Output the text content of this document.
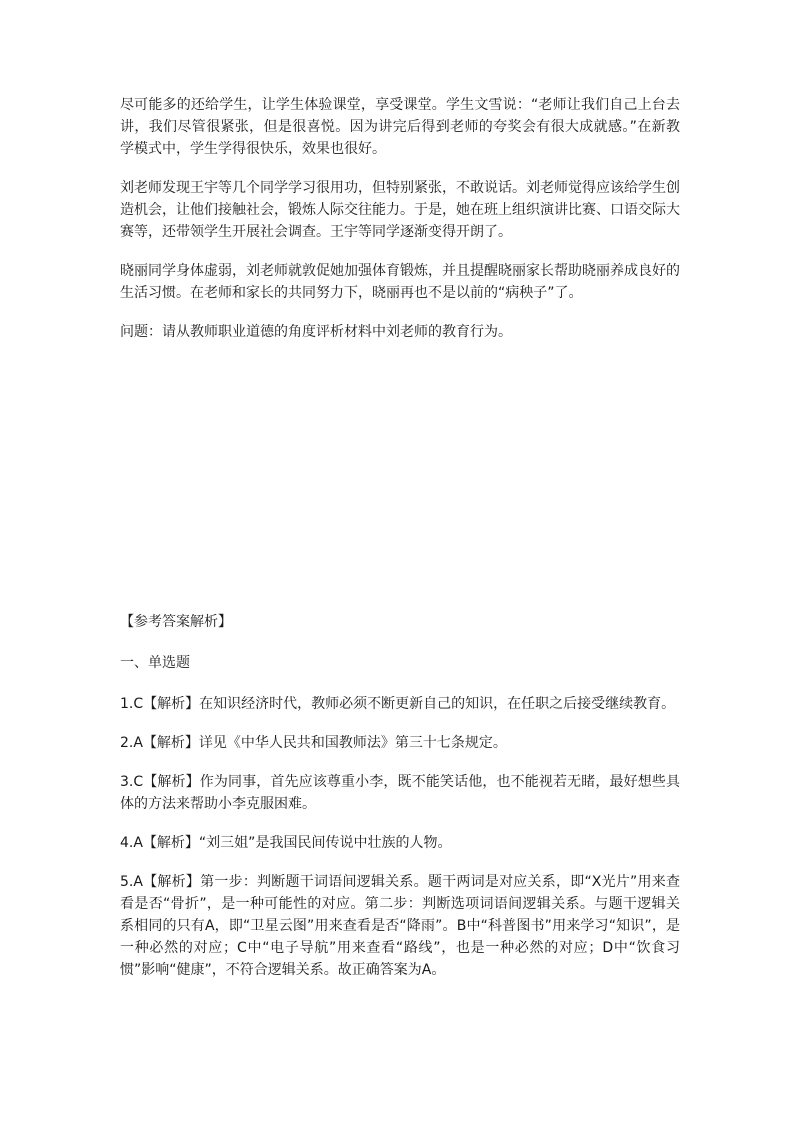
尽可能多的还给学生，让学生体验课堂，享受课堂。学生文雪说：“老师让我们自己上台去讲，我们尽管很紧张，但是很喜悦。因为讲完后得到老师的夸奖会有很大成就感。”在新教学模式中，学生学得很快乐，效果也很好。

刘老师发现王宇等几个同学学习很用功，但特别紧张，不敢说话。刘老师觉得应该给学生创造机会，让他们接触社会，锻炼人际交往能力。于是，她在班上组织演讲比赛、口语交际大赛等，还带领学生开展社会调查。王宇等同学逐渐变得开朗了。

晓丽同学身体虚弱，刘老师就敦促她加强体育锻炼，并且提醒晓丽家长帮助晓丽养成良好的生活习惯。在老师和家长的共同努力下，晓丽再也不是以前的“病秧子”了。

问题：请从教师职业道德的角度评析材料中刘老师的教育行为。

【参考答案解析】

一、单选题

1.C【解析】在知识经济时代，教师必须不断更新自己的知识，在任职之后接受继续教育。

2.A【解析】详见《中华人民共和国教师法》第三十七条规定。

3.C【解析】作为同事，首先应该尊重小李，既不能笑话他，也不能视若无睹，最好想些具体的方法来帮助小李克服困难。

4.A【解析】“刘三姐”是我国民间传说中壮族的人物。

5.A【解析】第一步：判断题干词语间逻辑关系。题干两词是对应关系，即“X光片”用来查看是否“骨折”，是一种可能性的对应。第二步：判断选项词语间逻辑关系。与题干逻辑关系相同的只有A，即“卫星云图”用来查看是否“降雨”。B中“科普图书”用来学习“知识”，是一种必然的对应；C中“电子导航”用来查看“路线”，也是一种必然的对应；D中“饮食习惯”影响“健康”，不符合逻辑关系。故正确答案为A。
